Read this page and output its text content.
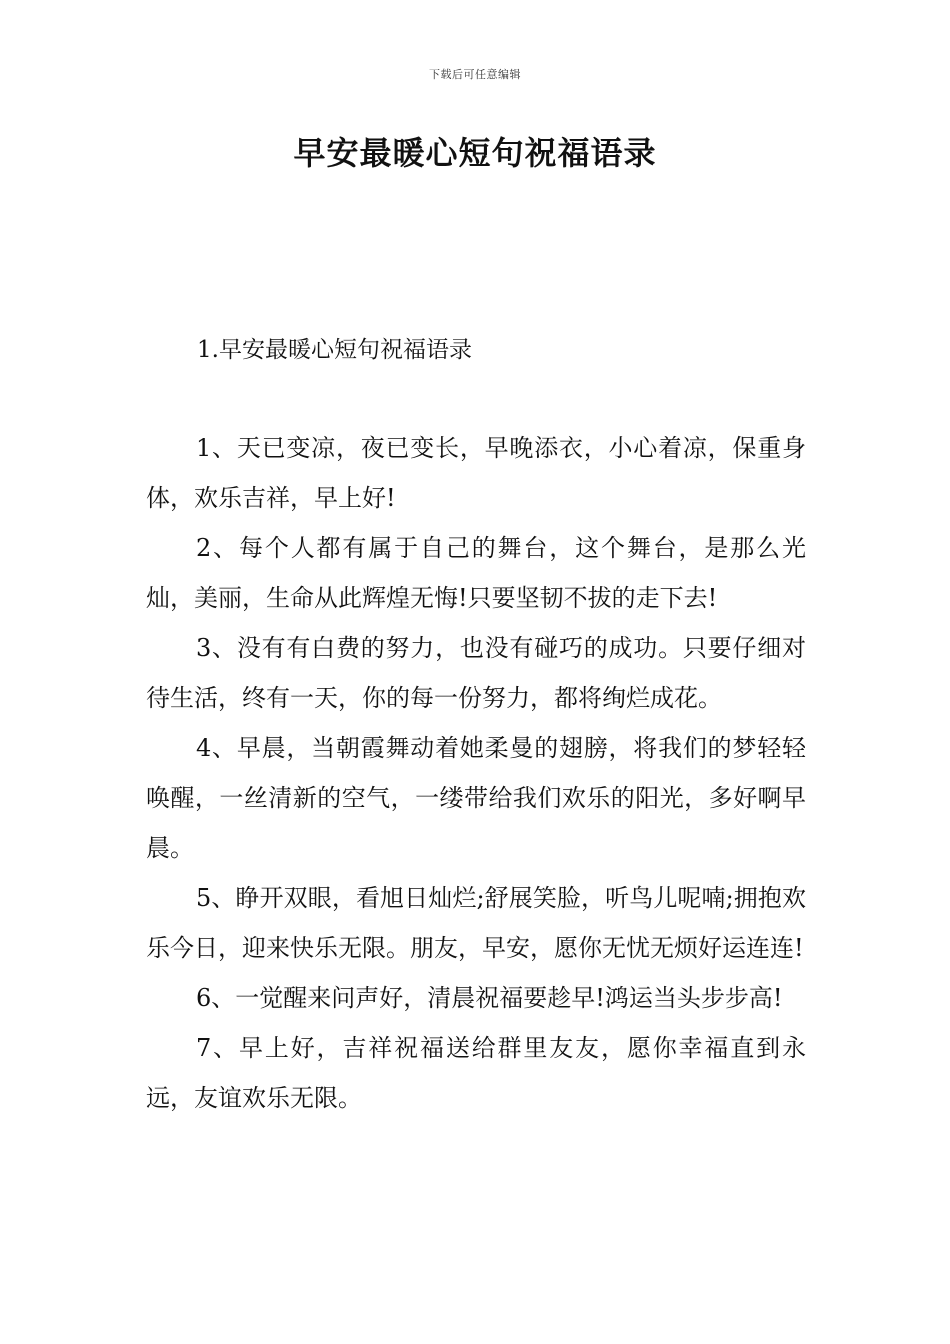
下载后可任意编辑
早安最暖心短句祝福语录
1.早安最暖心短句祝福语录

1、天已变凉，夜已变长，早晚添衣，小心着凉，保重身体，欢乐吉祥，早上好!

2、每个人都有属于自己的舞台，这个舞台，是那么光灿，美丽，生命从此辉煌无悔!只要坚韧不拔的走下去!

3、没有有白费的努力，也没有碰巧的成功。只要仔细对待生活，终有一天，你的每一份努力，都将绚烂成花。

4、早晨，当朝霞舞动着她柔曼的翅膀，将我们的梦轻轻唤醒，一丝清新的空气，一缕带给我们欢乐的阳光，多好啊早晨。

5、睁开双眼，看旭日灿烂;舒展笑脸，听鸟儿呢喃;拥抱欢乐今日，迎来快乐无限。朋友，早安，愿你无忧无烦好运连连!

6、一觉醒来问声好，清晨祝福要趁早!鸿运当头步步高!

7、早上好，吉祥祝福送给群里友友，愿你幸福直到永远，友谊欢乐无限。
